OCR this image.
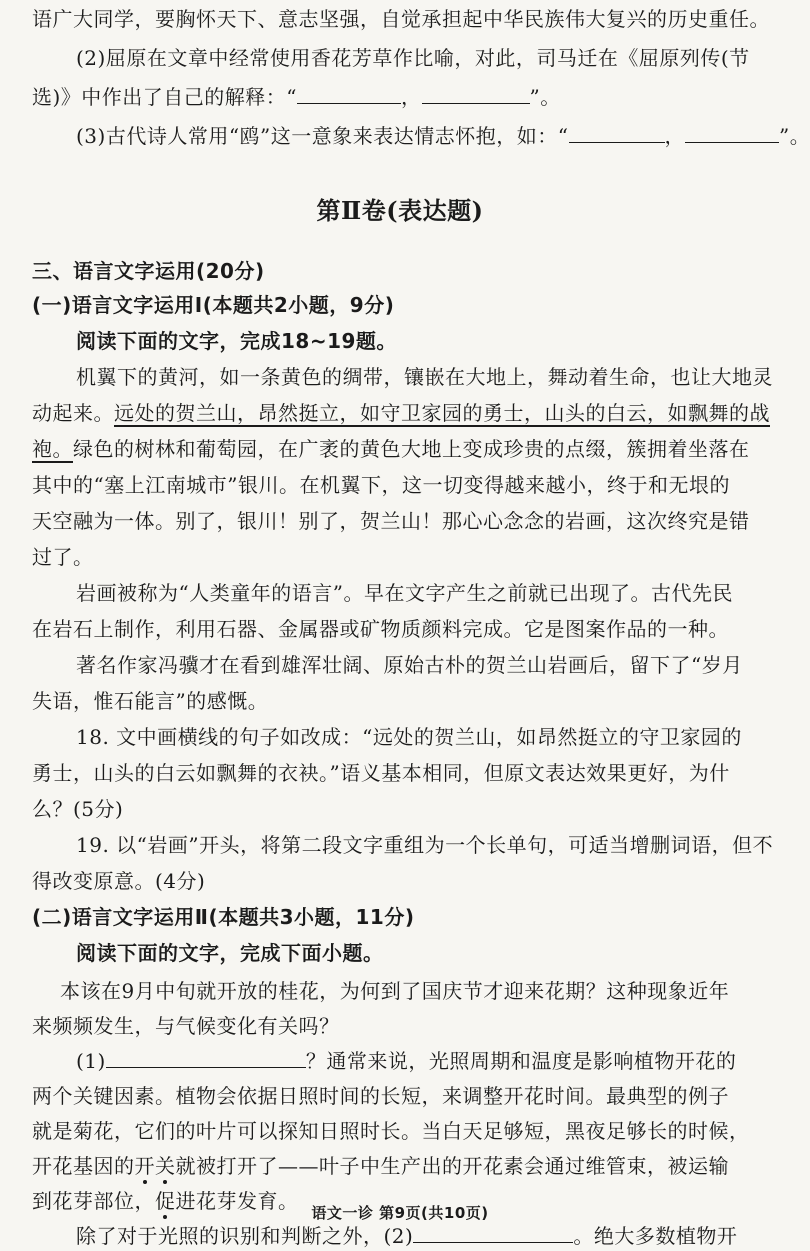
语广大同学，要胸怀天下、意志坚强，自觉承担起中华民族伟大复兴的历史重任。
(2)屈原在文章中经常使用香花芳草作比喻，对此，司马迁在《屈原列传(节
选)》中作出了自己的解释：“	，	”。
(3)古代诗人常用“鸥”这一意象来表达情志怀抱，如：“	，	”。
第Ⅱ卷(表达题)
三、语言文字运用(20分)
(一)语言文字运用Ⅰ(本题共2小题，9分)
阅读下面的文字，完成18~19题。
机翼下的黄河，如一条黄色的绸带，镶嵌在大地上，舞动着生命，也让大地灵
动起来。远处的贺兰山，昂然挺立，如守卫家园的勇士，山头的白云，如飘舞的战
袍。绿色的树林和葡萄园，在广袤的黄色大地上变成珍贵的点缀，簇拥着坐落在
其中的“塞上江南城市”银川。在机翼下，这一切变得越来越小，终于和无垠的
天空融为一体。别了，银川！别了，贺兰山！那心心念念的岩画，这次终究是错
过了。
岩画被称为“人类童年的语言”。早在文字产生之前就已出现了。古代先民
在岩石上制作，利用石器、金属器或矿物质颜料完成。它是图案作品的一种。
著名作家冯骥才在看到雄浑壮阔、原始古朴的贺兰山岩画后，留下了“岁月
失语，惟石能言”的感慨。
18. 文中画横线的句子如改成：“远处的贺兰山，如昂然挺立的守卫家园的
勇士，山头的白云如飘舞的衣袂。”语义基本相同，但原文表达效果更好，为什
么？(5分)
19. 以“岩画”开头，将第二段文字重组为一个长单句，可适当增删词语，但不
得改变原意。(4分)
(二)语言文字运用Ⅱ(本题共3小题，11分)
阅读下面的文字，完成下面小题。
本该在9月中旬就开放的桂花，为何到了国庆节才迎来花期？这种现象近年
来频频发生，与气候变化有关吗？
(1)	？通常来说，光照周期和温度是影响植物开花的
两个关键因素。植物会依据日照时间的长短，来调整开花时间。最典型的例子
就是菊花，它们的叶片可以探知日照时长。当白天足够短，黑夜足够长的时候，
开花基因的开关就被打开了——叶子中生产出的开花素会通过维管束，被运输
语文一诊 第9页(共10页)
到花芽部位，促进花芽发育。
除了对于光照的识别和判断之外，(2)	。绝大多数植物开
